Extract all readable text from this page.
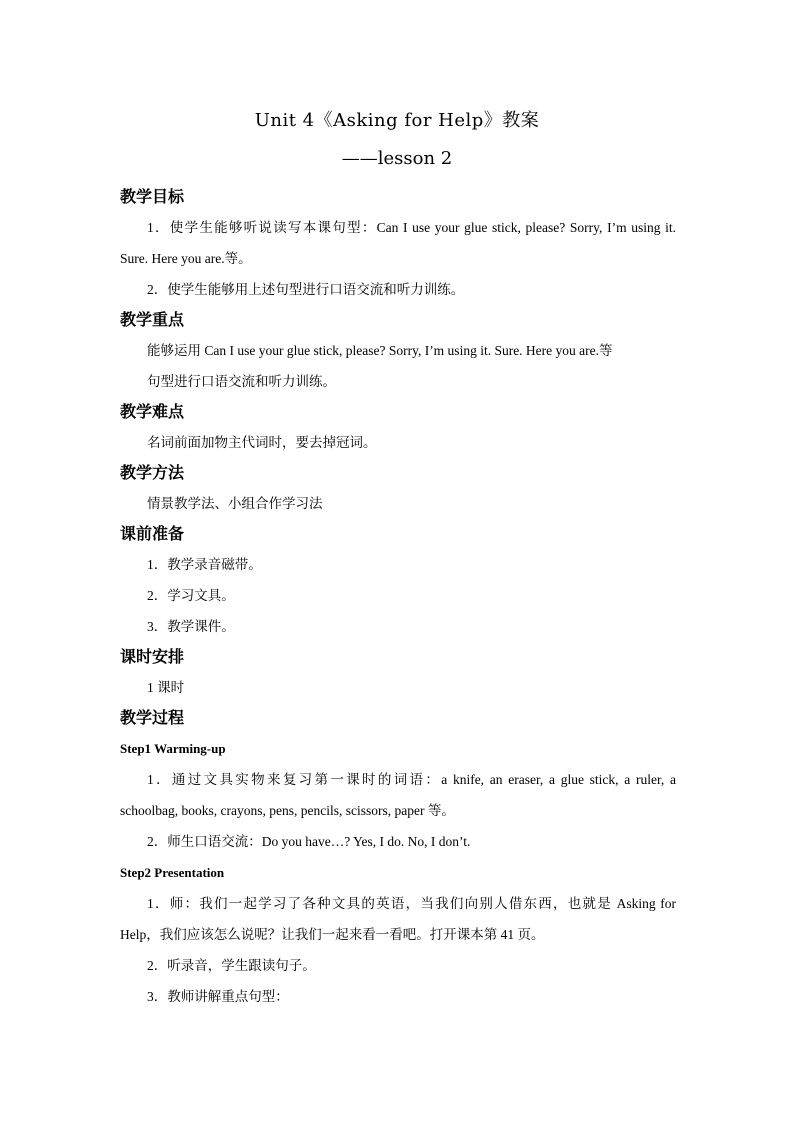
Unit 4《Asking for Help》教案
——lesson 2

教学目标

1．使学生能够听说读写本课句型：Can I use your glue stick, please? Sorry, I’m using it.

Sure. Here you are.等。

2．使学生能够用上述句型进行口语交流和听力训练。

教学重点

能够运用 Can I use your glue stick, please? Sorry, I’m using it. Sure. Here you are.等

句型进行口语交流和听力训练。

教学难点

名词前面加物主代词时，要去掉冠词。

教学方法

情景教学法、小组合作学习法

课前准备

1．教学录音磁带。

2．学习文具。

3．教学课件。

课时安排

1 课时

教学过程

Step1 Warming-up

1．通过文具实物来复习第一课时的词语：a knife, an eraser, a glue stick, a ruler, a

schoolbag, books, crayons, pens, pencils, scissors, paper 等。

2．师生口语交流：Do you have…? Yes, I do. No, I don’t.

Step2 Presentation

1．师：我们一起学习了各种文具的英语，当我们向别人借东西，也就是 Asking for

Help，我们应该怎么说呢？让我们一起来看一看吧。打开课本第 41 页。

2．听录音，学生跟读句子。

3．教师讲解重点句型：
